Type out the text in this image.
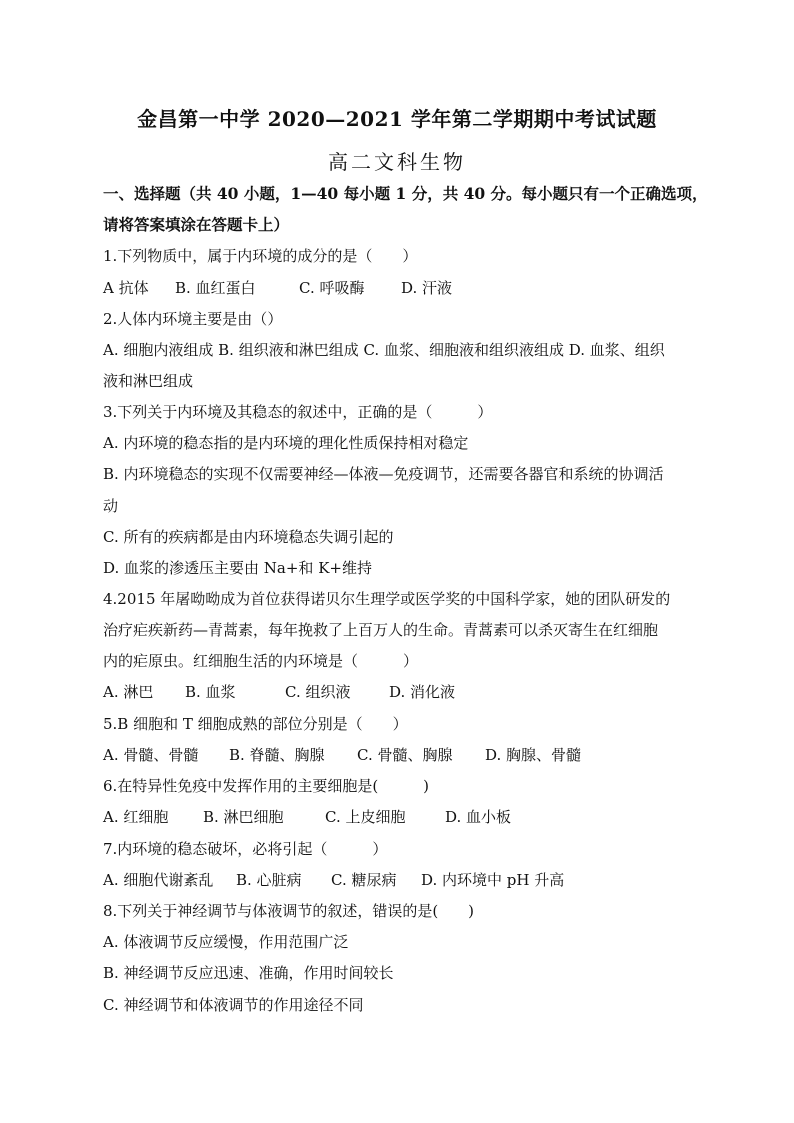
金昌第一中学 2020—2021 学年第二学期期中考试试题
高二文科生物
一、选择题（共 40 小题，1—40 每小题 1 分，共 40 分。每小题只有一个正确选项，
请将答案填涂在答题卡上）
1.下列物质中，属于内环境的成分的是（　　）
A 抗体 B. 血红蛋白	C. 呼吸酶 D. 汗液
2.人体内环境主要是由（）
A. 细胞内液组成 B. 组织液和淋巴组成 C. 血浆、细胞液和组织液组成 D. 血浆、组织
液和淋巴组成
3.下列关于内环境及其稳态的叙述中，正确的是（　　　）
A. 内环境的稳态指的是内环境的理化性质保持相对稳定
B. 内环境稳态的实现不仅需要神经—体液—免疫调节，还需要各器官和系统的协调活
动
C. 所有的疾病都是由内环境稳态失调引起的
D. 血浆的渗透压主要由 Na+和 K+维持
4.2015 年屠呦呦成为首位获得诺贝尔生理学或医学奖的中国科学家，她的团队研发的
治疗疟疾新药—青蒿素，每年挽救了上百万人的生命。青蒿素可以杀灭寄生在红细胞
内的疟原虫。红细胞生活的内环境是（　　　）
A. 淋巴 B. 血浆	C. 组织液	D. 消化液
5.B 细胞和 T 细胞成熟的部位分别是（　　）
A. 骨髓、骨髓 B. 脊髓、胸腺 C. 骨髓、胸腺 D. 胸腺、骨髓
6.在特异性免疫中发挥作用的主要细胞是(　　　)
A. 红细胞 B. 淋巴细胞	C. 上皮细胞	D. 血小板
7.内环境的稳态破坏，必将引起（　　　）
A. 细胞代谢紊乱 B. 心脏病 C. 糖尿病 D. 内环境中 pH 升高
8.下列关于神经调节与体液调节的叙述，错误的是(　　)
A. 体液调节反应缓慢，作用范围广泛
B. 神经调节反应迅速、准确，作用时间较长
C. 神经调节和体液调节的作用途径不同
